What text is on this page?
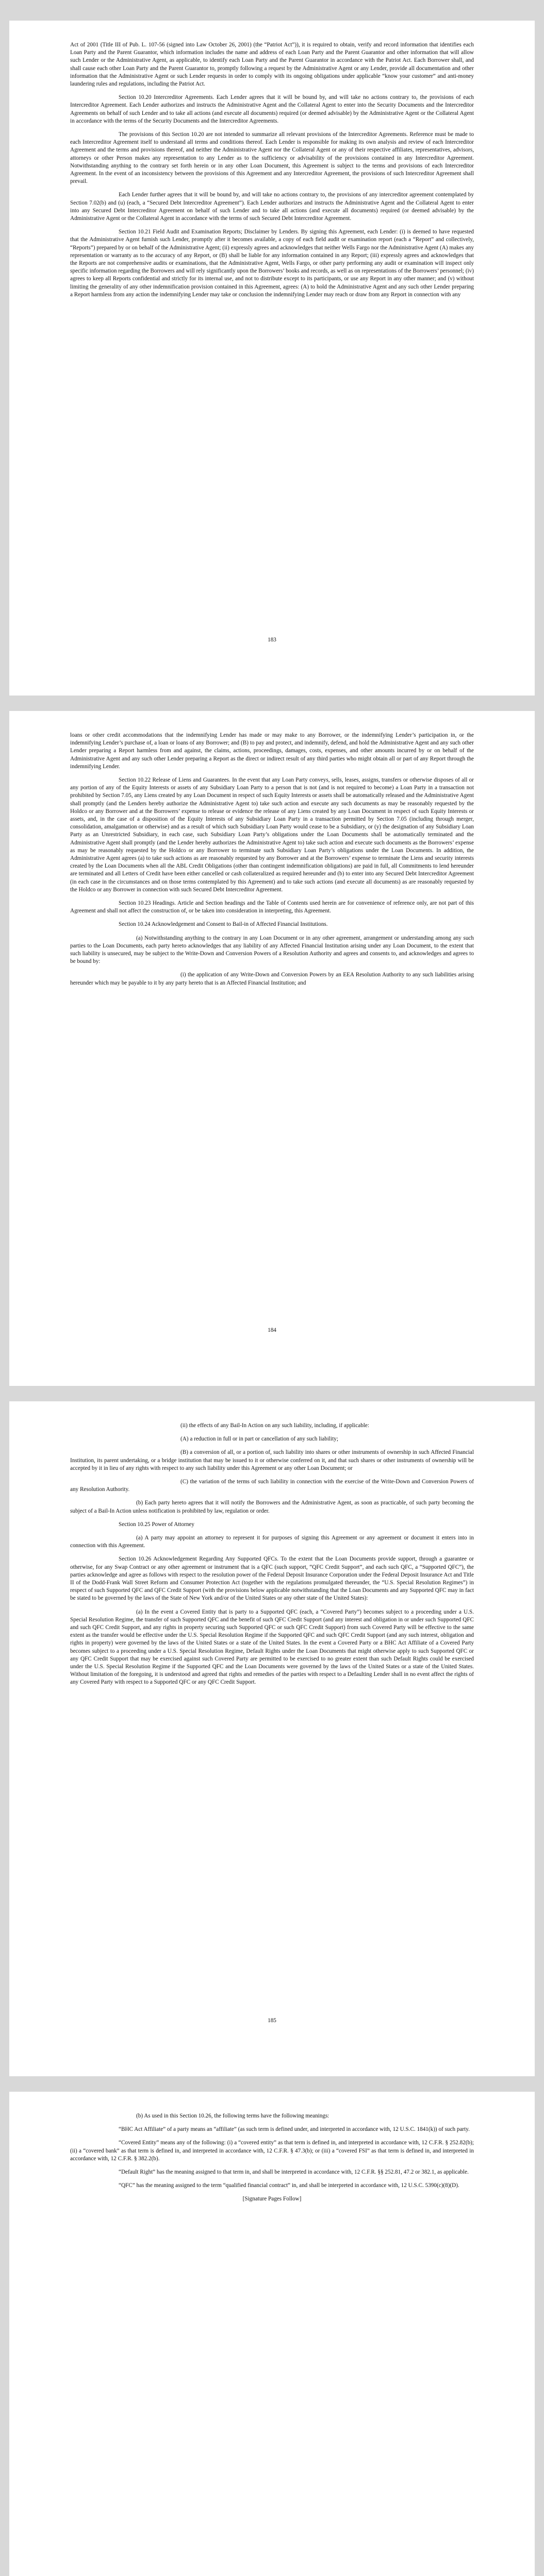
Act of 2001 (Title III of Pub. L. 107-56 (signed into Law October 26, 2001) (the “Patriot Act”)), it is required to obtain, verify and record information that identifies each Loan Party and the Parent Guarantor, which information includes the name and address of each Loan Party and the Parent Guarantor and other information that will allow such Lender or the Administrative Agent, as applicable, to identify each Loan Party and the Parent Guarantor in accordance with the Patriot Act. Each Borrower shall, and shall cause each other Loan Party and the Parent Guarantor to, promptly following a request by the Administrative Agent or any Lender, provide all documentation and other information that the Administrative Agent or such Lender requests in order to comply with its ongoing obligations under applicable “know your customer” and anti-money laundering rules and regulations, including the Patriot Act.

Section 10.20 Intercreditor Agreements. Each Lender agrees that it will be bound by, and will take no actions contrary to, the provisions of each Intercreditor Agreement. Each Lender authorizes and instructs the Administrative Agent and the Collateral Agent to enter into the Security Documents and the Intercreditor Agreements on behalf of such Lender and to take all actions (and execute all documents) required (or deemed advisable) by the Administrative Agent or the Collateral Agent in accordance with the terms of the Security Documents and the Intercreditor Agreements.

The provisions of this Section 10.20 are not intended to summarize all relevant provisions of the Intercreditor Agreements. Reference must be made to each Intercreditor Agreement itself to understand all terms and conditions thereof. Each Lender is responsible for making its own analysis and review of each Intercreditor Agreement and the terms and provisions thereof, and neither the Administrative Agent nor the Collateral Agent or any of their respective affiliates, representatives, advisors, attorneys or other Person makes any representation to any Lender as to the sufficiency or advisability of the provisions contained in any Intercreditor Agreement. Notwithstanding anything to the contrary set forth herein or in any other Loan Document, this Agreement is subject to the terms and provisions of each Intercreditor Agreement. In the event of an inconsistency between the provisions of this Agreement and any Intercreditor Agreement, the provisions of such Intercreditor Agreement shall prevail.

Each Lender further agrees that it will be bound by, and will take no actions contrary to, the provisions of any intercreditor agreement contemplated by Section 7.02(b) and (u) (each, a “Secured Debt Intercreditor Agreement”). Each Lender authorizes and instructs the Administrative Agent and the Collateral Agent to enter into any Secured Debt Intercreditor Agreement on behalf of such Lender and to take all actions (and execute all documents) required (or deemed advisable) by the Administrative Agent or the Collateral Agent in accordance with the terms of such Secured Debt Intercreditor Agreement.

Section 10.21 Field Audit and Examination Reports; Disclaimer by Lenders. By signing this Agreement, each Lender: (i) is deemed to have requested that the Administrative Agent furnish such Lender, promptly after it becomes available, a copy of each field audit or examination report (each a “Report” and collectively, “Reports”) prepared by or on behalf of the Administrative Agent; (ii) expressly agrees and acknowledges that neither Wells Fargo nor the Administrative Agent (A) makes any representation or warranty as to the accuracy of any Report, or (B) shall be liable for any information contained in any Report; (iii) expressly agrees and acknowledges that the Reports are not comprehensive audits or examinations, that the Administrative Agent, Wells Fargo, or other party performing any audit or examination will inspect only specific information regarding the Borrowers and will rely significantly upon the Borrowers’ books and records, as well as on representations of the Borrowers’ personnel; (iv) agrees to keep all Reports confidential and strictly for its internal use, and not to distribute except to its participants, or use any Report in any other manner; and (v) without limiting the generality of any other indemnification provision contained in this Agreement, agrees: (A) to hold the Administrative Agent and any such other Lender preparing a Report harmless from any action the indemnifying Lender may take or conclusion the indemnifying Lender may reach or draw from any Report in connection with any

183

loans or other credit accommodations that the indemnifying Lender has made or may make to any Borrower, or the indemnifying Lender’s participation in, or the indemnifying Lender’s purchase of, a loan or loans of any Borrower; and (B) to pay and protect, and indemnify, defend, and hold the Administrative Agent and any such other Lender preparing a Report harmless from and against, the claims, actions, proceedings, damages, costs, expenses, and other amounts incurred by or on behalf of the Administrative Agent and any such other Lender preparing a Report as the direct or indirect result of any third parties who might obtain all or part of any Report through the indemnifying Lender.

Section 10.22 Release of Liens and Guarantees. In the event that any Loan Party conveys, sells, leases, assigns, transfers or otherwise disposes of all or any portion of any of the Equity Interests or assets of any Subsidiary Loan Party to a person that is not (and is not required to become) a Loan Party in a transaction not prohibited by Section 7.05, any Liens created by any Loan Document in respect of such Equity Interests or assets shall be automatically released and the Administrative Agent shall promptly (and the Lenders hereby authorize the Administrative Agent to) take such action and execute any such documents as may be reasonably requested by the Holdco or any Borrower and at the Borrowers’ expense to release or evidence the release of any Liens created by any Loan Document in respect of such Equity Interests or assets, and, in the case of a disposition of the Equity Interests of any Subsidiary Loan Party in a transaction permitted by Section 7.05 (including through merger, consolidation, amalgamation or otherwise) and as a result of which such Subsidiary Loan Party would cease to be a Subsidiary, or (y) the designation of any Subsidiary Loan Party as an Unrestricted Subsidiary, in each case, such Subsidiary Loan Party’s obligations under the Loan Documents shall be automatically terminated and the Administrative Agent shall promptly (and the Lender hereby authorizes the Administrative Agent to) take such action and execute such documents as the Borrowers’ expense as may be reasonably requested by the Holdco or any Borrower to terminate such Subsidiary Loan Party’s obligations under the Loan Documents. In addition, the Administrative Agent agrees (a) to take such actions as are reasonably requested by any Borrower and at the Borrowers’ expense to terminate the Liens and security interests created by the Loan Documents when all the ABL Credit Obligations (other than contingent indemnification obligations) are paid in full, all Commitments to lend hereunder are terminated and all Letters of Credit have been either cancelled or cash collateralized as required hereunder and (b) to enter into any Secured Debt Intercreditor Agreement (in each case in the circumstances and on those terms contemplated by this Agreement) and to take such actions (and execute all documents) as are reasonably requested by the Holdco or any Borrower in connection with such Secured Debt Intercreditor Agreement.

Section 10.23 Headings. Article and Section headings and the Table of Contents used herein are for convenience of reference only, are not part of this Agreement and shall not affect the construction of, or be taken into consideration in interpreting, this Agreement.

Section 10.24 Acknowledgement and Consent to Bail-in of Affected Financial Institutions.

(a) Notwithstanding anything to the contrary in any Loan Document or in any other agreement, arrangement or understanding among any such parties to the Loan Documents, each party hereto acknowledges that any liability of any Affected Financial Institution arising under any Loan Document, to the extent that such liability is unsecured, may be subject to the Write-Down and Conversion Powers of a Resolution Authority and agrees and consents to, and acknowledges and agrees to be bound by:

(i) the application of any Write-Down and Conversion Powers by an EEA Resolution Authority to any such liabilities arising hereunder which may be payable to it by any party hereto that is an Affected Financial Institution; and

184

(ii) the effects of any Bail-In Action on any such liability, including, if applicable:

(A) a reduction in full or in part or cancellation of any such liability;

(B) a conversion of all, or a portion of, such liability into shares or other instruments of ownership in such Affected Financial Institution, its parent undertaking, or a bridge institution that may be issued to it or otherwise conferred on it, and that such shares or other instruments of ownership will be accepted by it in lieu of any rights with respect to any such liability under this Agreement or any other Loan Document; or

(C) the variation of the terms of such liability in connection with the exercise of the Write-Down and Conversion Powers of any Resolution Authority.

(b) Each party hereto agrees that it will notify the Borrowers and the Administrative Agent, as soon as practicable, of such party becoming the subject of a Bail-In Action unless notification is prohibited by law, regulation or order.

Section 10.25 Power of Attorney

(a) A party may appoint an attorney to represent it for purposes of signing this Agreement or any agreement or document it enters into in connection with this Agreement.

Section 10.26 Acknowledgement Regarding Any Supported QFCs. To the extent that the Loan Documents provide support, through a guarantee or otherwise, for any Swap Contract or any other agreement or instrument that is a QFC (such support, “QFC Credit Support”, and each such QFC, a “Supported QFC”), the parties acknowledge and agree as follows with respect to the resolution power of the Federal Deposit Insurance Corporation under the Federal Deposit Insurance Act and Title II of the Dodd-Frank Wall Street Reform and Consumer Protection Act (together with the regulations promulgated thereunder, the “U.S. Special Resolution Regimes”) in respect of such Supported QFC and QFC Credit Support (with the provisions below applicable notwithstanding that the Loan Documents and any Supported QFC may in fact be stated to be governed by the laws of the State of New York and/or of the United States or any other state of the United States):

(a) In the event a Covered Entity that is party to a Supported QFC (each, a “Covered Party”) becomes subject to a proceeding under a U.S. Special Resolution Regime, the transfer of such Supported QFC and the benefit of such QFC Credit Support (and any interest and obligation in or under such Supported QFC and such QFC Credit Support, and any rights in property securing such Supported QFC or such QFC Credit Support) from such Covered Party will be effective to the same extent as the transfer would be effective under the U.S. Special Resolution Regime if the Supported QFC and such QFC Credit Support (and any such interest, obligation and rights in property) were governed by the laws of the United States or a state of the United States. In the event a Covered Party or a BHC Act Affiliate of a Covered Party becomes subject to a proceeding under a U.S. Special Resolution Regime, Default Rights under the Loan Documents that might otherwise apply to such Supported QFC or any QFC Credit Support that may be exercised against such Covered Party are permitted to be exercised to no greater extent than such Default Rights could be exercised under the U.S. Special Resolution Regime if the Supported QFC and the Loan Documents were governed by the laws of the United States or a state of the United States. Without limitation of the foregoing, it is understood and agreed that rights and remedies of the parties with respect to a Defaulting Lender shall in no event affect the rights of any Covered Party with respect to a Supported QFC or any QFC Credit Support.

185

(b) As used in this Section 10.26, the following terms have the following meanings:

“BHC Act Affiliate” of a party means an “affiliate” (as such term is defined under, and interpreted in accordance with, 12 U.S.C. 1841(k)) of such party.

“Covered Entity” means any of the following: (i) a “covered entity” as that term is defined in, and interpreted in accordance with, 12 C.F.R. § 252.82(b); (ii) a “covered bank” as that term is defined in, and interpreted in accordance with, 12 C.F.R. § 47.3(b); or (iii) a “covered FSI” as that term is defined in, and interpreted in accordance with, 12 C.F.R. § 382.2(b).

“Default Right” has the meaning assigned to that term in, and shall be interpreted in accordance with, 12 C.F.R. §§ 252.81, 47.2 or 382.1, as applicable.

“QFC” has the meaning assigned to the term “qualified financial contract” in, and shall be interpreted in accordance with, 12 U.S.C. 5390(c)(8)(D).

[Signature Pages Follow]
